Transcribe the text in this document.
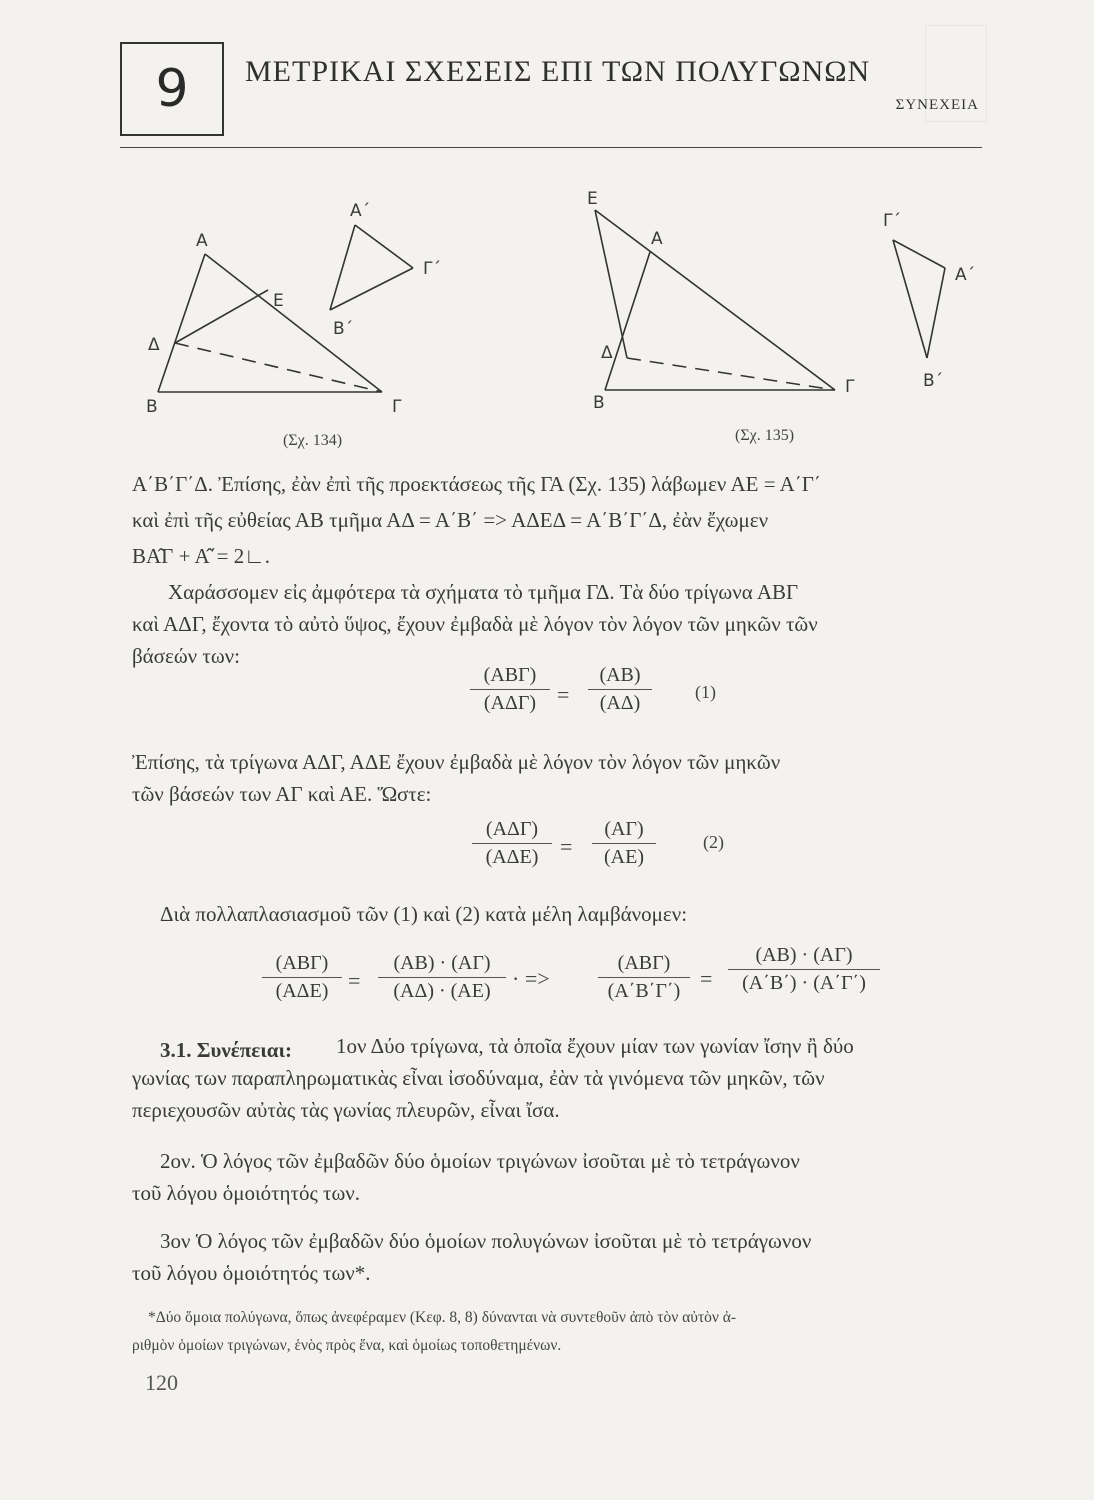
9 ΜΕΤΡΙΚΑΙ ΣΧΕΣΕΙΣ ΕΠΙ ΤΩΝ ΠΟΛΥΓΩΝΩΝ
ΣΥΝΕΧΕΙΑ
A
E
Δ
B	Γ
A΄
B΄
Γ΄
(Σχ. 134)
E
A
Δ
B
Γ
Γ΄
A΄
B΄
(Σχ. 135)
Α΄Β΄Γ΄Δ. Ἐπίσης, ἐὰν ἐπὶ τῆς προεκτάσεως τῆς ΓΑ (Σχ. 135) λάβωμεν ΑΕ = Α΄Γ΄
καὶ ἐπὶ τῆς εὐθείας ΑΒ τμῆμα ΑΔ = Α΄Β΄ => ΑΔΕΔ = Α΄Β΄Γ΄Δ, ἐὰν ἔχωμεν
ΒΑ̂Γ + Α̂΄= 2∟.
Χαράσσομεν εἰς ἀμφότερα τὰ σχήματα τὸ τμῆμα ΓΔ. Τὰ δύο τρίγωνα ΑΒΓ
καὶ ΑΔΓ, ἔχοντα τὸ αὐτὸ ὕψος, ἔχουν ἐμβαδὰ μὲ λόγον τὸν λόγον τῶν μηκῶν τῶν
βάσεών των:
(ΑΒΓ)
(ΑΔΓ) =
(ΑΒ)
(ΑΔ)	(1)
Ἐπίσης, τὰ τρίγωνα ΑΔΓ, ΑΔΕ ἔχουν ἐμβαδὰ μὲ λόγον τὸν λόγον τῶν μηκῶν
τῶν βάσεών των ΑΓ καὶ ΑΕ. Ὥστε:
(ΑΔΓ)
(ΑΔΕ) =
(ΑΓ)
(ΑΕ)
(2)
Διὰ πολλαπλασιασμοῦ τῶν (1) καὶ (2) κατὰ μέλη λαμβάνομεν:
(ΑΒΓ)
(ΑΔΕ) =
(ΑΒ) · (ΑΓ)
(ΑΔ) · (ΑΕ) · =>
(ΑΒΓ)
(Α΄Β΄Γ΄) =
(ΑΒ) · (ΑΓ)
(Α΄Β΄) · (Α΄Γ΄)
3.1. Συνέπειαι: 1ον Δύο τρίγωνα, τὰ ὁποῖα ἔχουν μίαν των γωνίαν ἴσην ἢ δύο
γωνίας των παραπληρωματικὰς εἶναι ἰσοδύναμα, ἐὰν τὰ γινόμενα τῶν μηκῶν, τῶν
περιεχουσῶν αὐτὰς τὰς γωνίας πλευρῶν, εἶναι ἴσα.
2ον. Ὁ λόγος τῶν ἐμβαδῶν δύο ὁμοίων τριγώνων ἰσοῦται μὲ τὸ τετράγωνον
τοῦ λόγου ὁμοιότητός των.
3ον Ὁ λόγος τῶν ἐμβαδῶν δύο ὁμοίων πολυγώνων ἰσοῦται μὲ τὸ τετράγωνον
τοῦ λόγου ὁμοιότητός των*.
*Δύο ὅμοια πολύγωνα, ὅπως ἀνεφέραμεν (Κεφ. 8, 8) δύνανται νὰ συντεθοῦν ἀπὸ τὸν αὐτὸν ἀ-
ριθμὸν ὁμοίων τριγώνων, ἑνὸς πρὸς ἕνα, καὶ ὁμοίως τοποθετημένων.
120
